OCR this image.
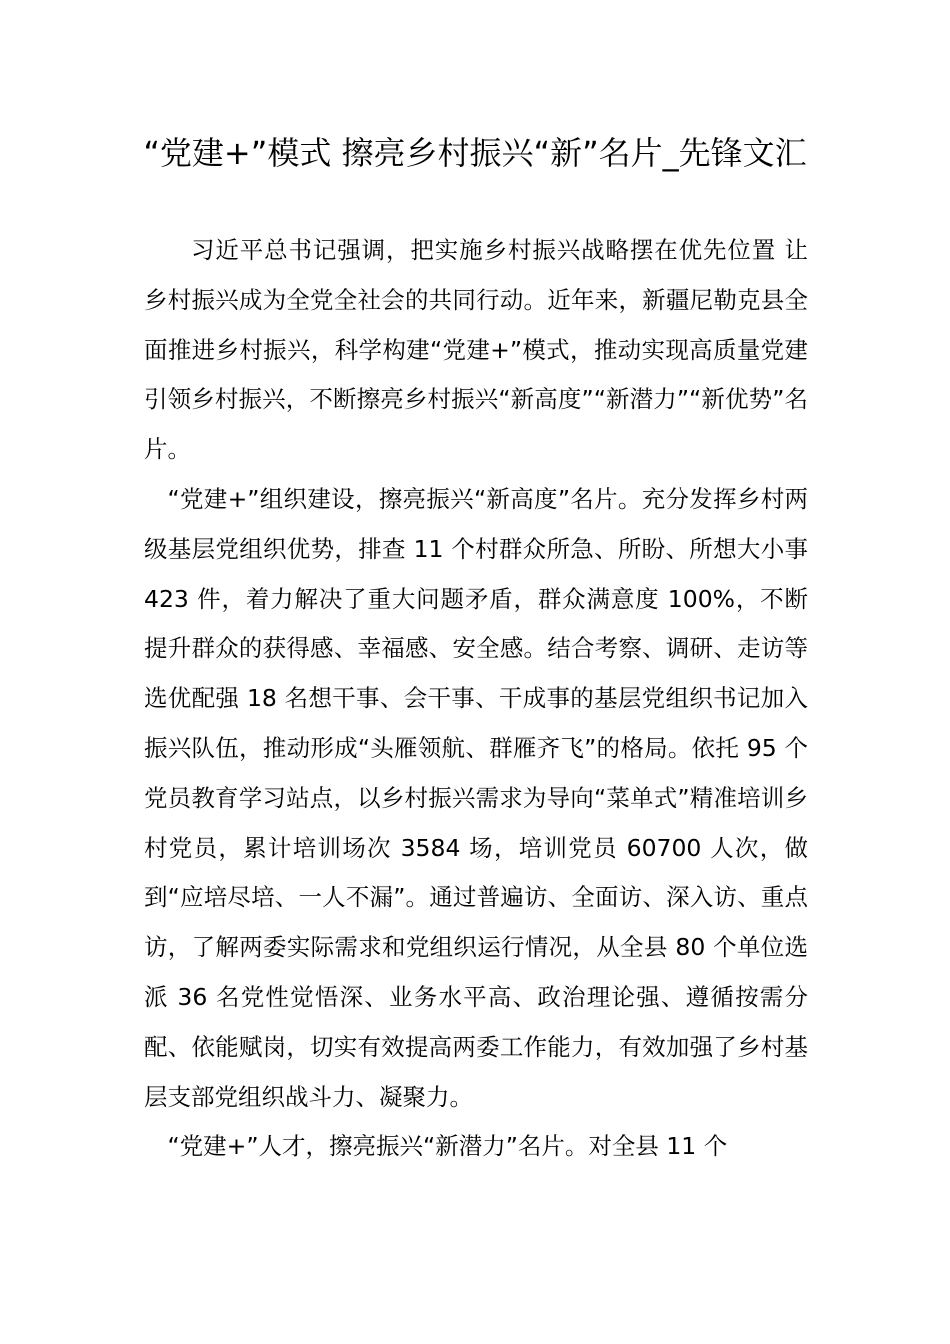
“党建+”模式 擦亮乡村振兴“新”名片_先锋文汇

习近平总书记强调，把实施乡村振兴战略摆在优先位置 让乡村振兴成为全党全社会的共同行动。近年来，新疆尼勒克县全面推进乡村振兴，科学构建“党建+”模式，推动实现高质量党建引领乡村振兴，不断擦亮乡村振兴“新高度”“新潜力”“新优势”名片。

“党建+”组织建设，擦亮振兴“新高度”名片。充分发挥乡村两级基层党组织优势，排查 11 个村群众所急、所盼、所想大小事 423 件，着力解决了重大问题矛盾，群众满意度 100%，不断提升群众的获得感、幸福感、安全感。结合考察、调研、走访等选优配强 18 名想干事、会干事、干成事的基层党组织书记加入振兴队伍，推动形成“头雁领航、群雁齐飞”的格局。依托 95 个党员教育学习站点，以乡村振兴需求为导向“菜单式”精准培训乡村党员，累计培训场次 3584 场，培训党员 60700 人次，做到“应培尽培、一人不漏”。通过普遍访、全面访、深入访、重点访，了解两委实际需求和党组织运行情况，从全县 80 个单位选派 36 名党性觉悟深、业务水平高、政治理论强、遵循按需分配、依能赋岗，切实有效提高两委工作能力，有效加强了乡村基层支部党组织战斗力、凝聚力。

“党建+”人才，擦亮振兴“新潜力”名片。对全县 11 个
